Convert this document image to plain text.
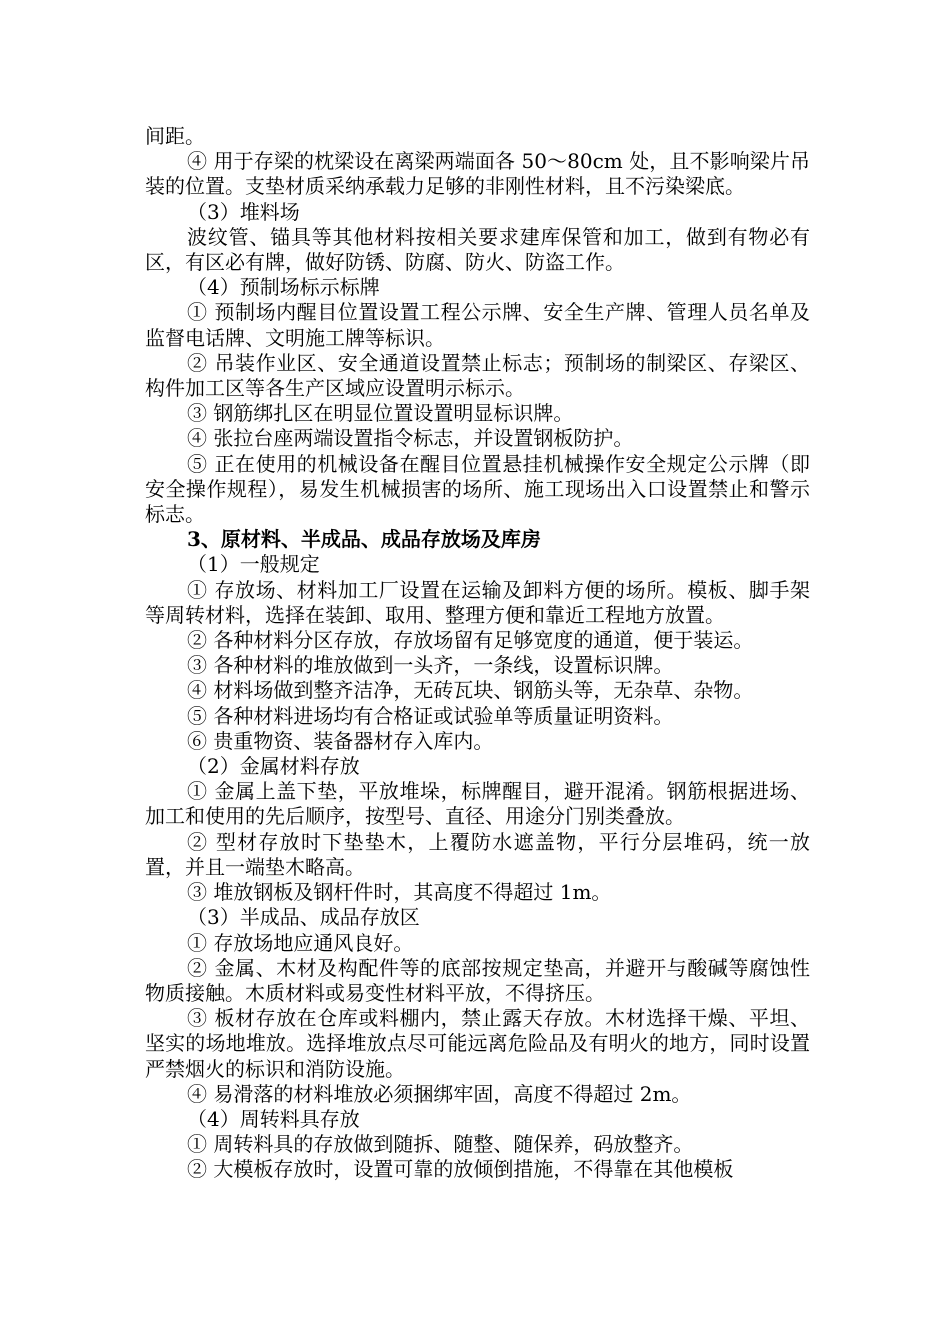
间距。

④ 用于存梁的枕梁设在离梁两端面各 50～80cm 处，且不影响梁片吊装的位置。支垫材质采纳承载力足够的非刚性材料，且不污染梁底。

（3）堆料场

波纹管、锚具等其他材料按相关要求建库保管和加工，做到有物必有区，有区必有牌，做好防锈、防腐、防火、防盗工作。

（4）预制场标示标牌

① 预制场内醒目位置设置工程公示牌、安全生产牌、管理人员名单及监督电话牌、文明施工牌等标识。

② 吊装作业区、安全通道设置禁止标志；预制场的制梁区、存梁区、构件加工区等各生产区域应设置明示标示。

③ 钢筋绑扎区在明显位置设置明显标识牌。

④ 张拉台座两端设置指令标志，并设置钢板防护。

⑤ 正在使用的机械设备在醒目位置悬挂机械操作安全规定公示牌（即安全操作规程），易发生机械损害的场所、施工现场出入口设置禁止和警示标志。

3、原材料、半成品、成品存放场及库房

（1）一般规定

① 存放场、材料加工厂设置在运输及卸料方便的场所。模板、脚手架等周转材料，选择在装卸、取用、整理方便和靠近工程地方放置。

② 各种材料分区存放，存放场留有足够宽度的通道，便于装运。

③ 各种材料的堆放做到一头齐，一条线，设置标识牌。

④ 材料场做到整齐洁净，无砖瓦块、钢筋头等，无杂草、杂物。

⑤ 各种材料进场均有合格证或试验单等质量证明资料。

⑥ 贵重物资、装备器材存入库内。

（2）金属材料存放

① 金属上盖下垫，平放堆垛，标牌醒目，避开混淆。钢筋根据进场、加工和使用的先后顺序，按型号、直径、用途分门别类叠放。

② 型材存放时下垫垫木，上覆防水遮盖物，平行分层堆码，统一放置，并且一端垫木略高。

③ 堆放钢板及钢杆件时，其高度不得超过 1m。

（3）半成品、成品存放区

① 存放场地应通风良好。

② 金属、木材及构配件等的底部按规定垫高，并避开与酸碱等腐蚀性物质接触。木质材料或易变性材料平放，不得挤压。

③ 板材存放在仓库或料棚内，禁止露天存放。木材选择干燥、平坦、坚实的场地堆放。选择堆放点尽可能远离危险品及有明火的地方，同时设置严禁烟火的标识和消防设施。

④ 易滑落的材料堆放必须捆绑牢固，高度不得超过 2m。

（4）周转料具存放

① 周转料具的存放做到随拆、随整、随保养，码放整齐。

② 大模板存放时，设置可靠的放倾倒措施，不得靠在其他模板
